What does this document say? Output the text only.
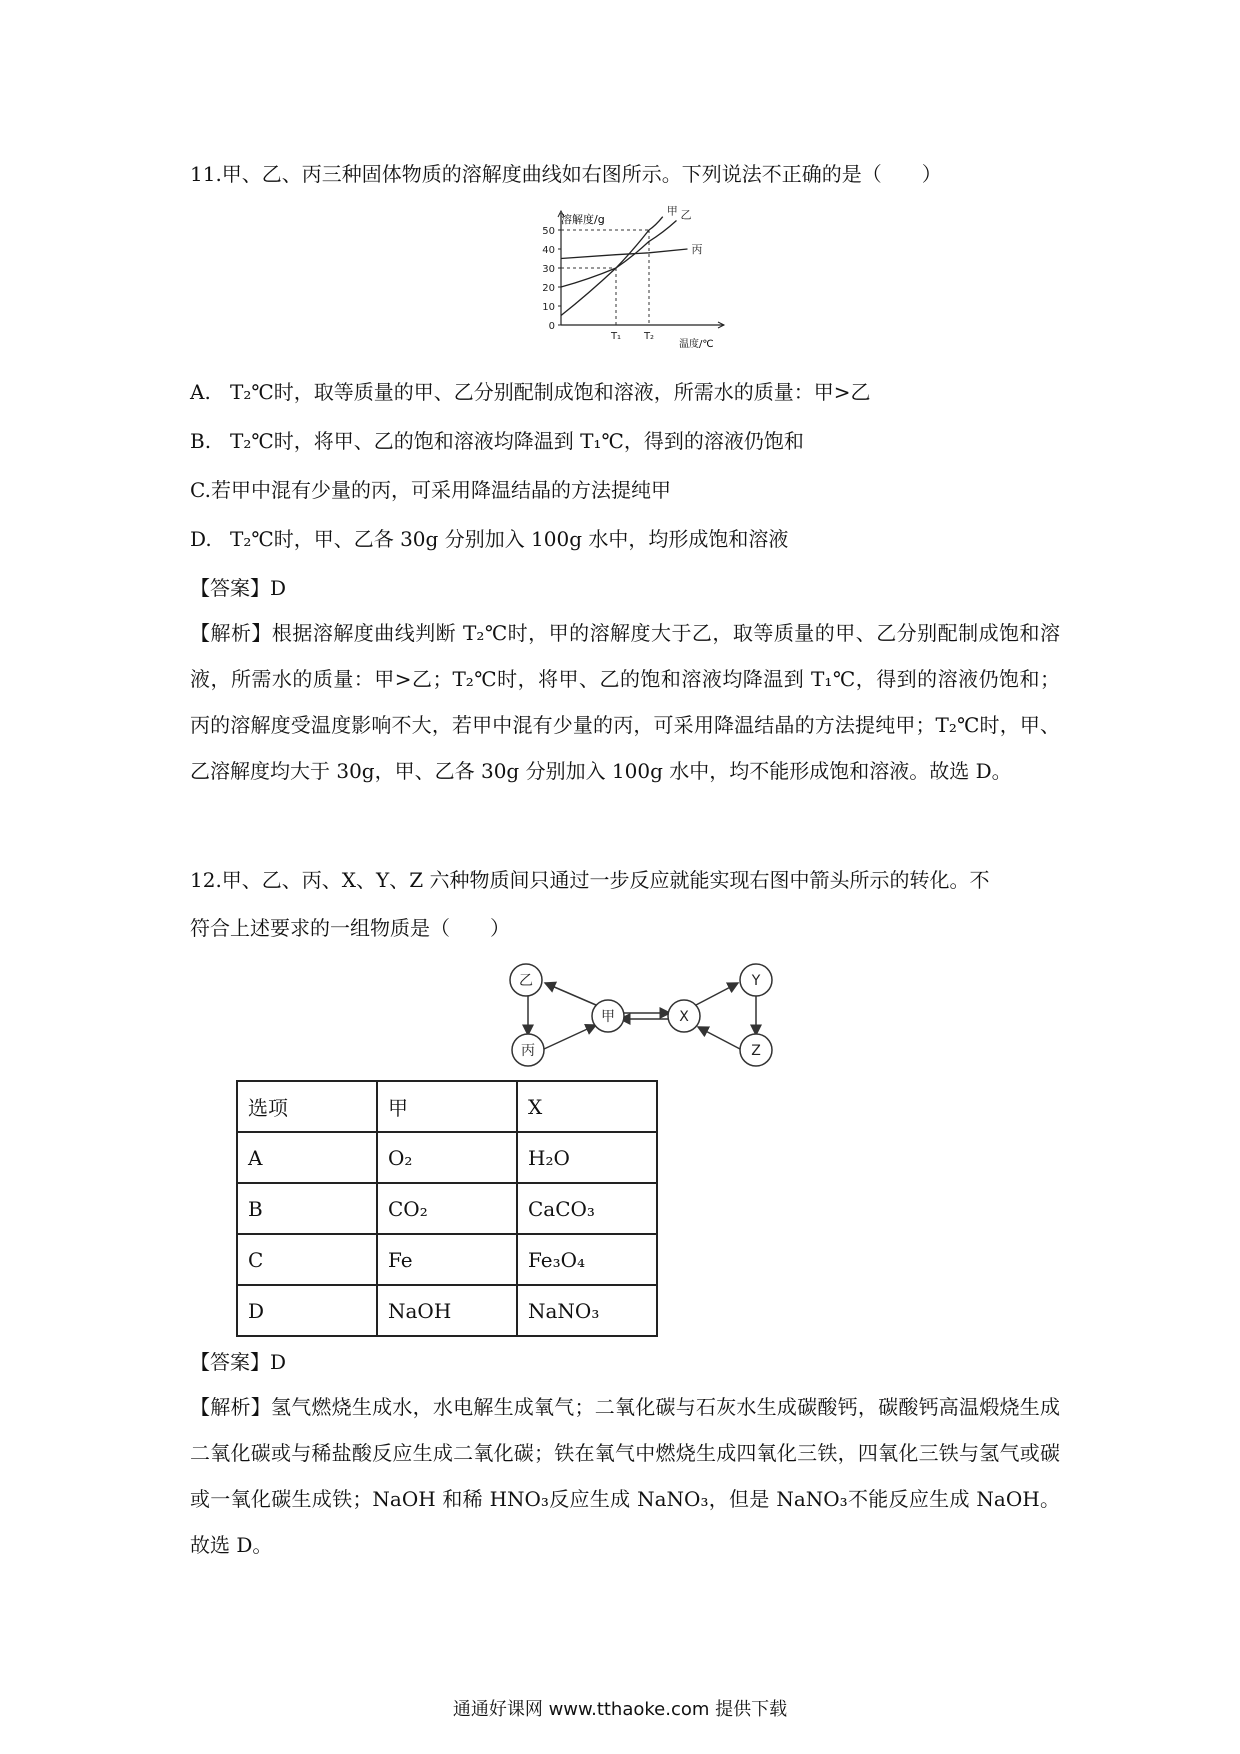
11.甲、乙、丙三种固体物质的溶解度曲线如右图所示。下列说法不正确的是（　　）
0
10
20
30
40
50
T₁ T₂
甲 乙
丙
溶解度/g
温度/℃
A. T₂℃时，取等质量的甲、乙分别配制成饱和溶液，所需水的质量：甲>乙
B. T₂℃时，将甲、乙的饱和溶液均降温到 T₁℃，得到的溶液仍饱和
C.若甲中混有少量的丙，可采用降温结晶的方法提纯甲
D. T₂℃时，甲、乙各 30g 分别加入 100g 水中，均形成饱和溶液
【答案】D
【解析】根据溶解度曲线判断 T₂℃时，甲的溶解度大于乙，取等质量的甲、乙分别配制成饱和溶液，所需水的质量：甲>乙；T₂℃时，将甲、乙的饱和溶液均降温到 T₁℃，得到的溶液仍饱和；丙的溶解度受温度影响不大，若甲中混有少量的丙，可采用降温结晶的方法提纯甲；T₂℃时，甲、乙溶解度均大于 30g，甲、乙各 30g 分别加入 100g 水中，均不能形成饱和溶液。故选 D。
12.甲、乙、丙、X、Y、Z 六种物质间只通过一步反应就能实现右图中箭头所示的转化。不
符合上述要求的一组物质是（　　）
乙
丙
甲	X
Y
Z
选项	甲	X
A	O₂	H₂O
B	CO₂	CaCO₃
C	Fe	Fe₃O₄
D	NaOH	NaNO₃
【答案】D
【解析】氢气燃烧生成水，水电解生成氧气；二氧化碳与石灰水生成碳酸钙，碳酸钙高温煅烧生成二氧化碳或与稀盐酸反应生成二氧化碳；铁在氧气中燃烧生成四氧化三铁，四氧化三铁与氢气或碳或一氧化碳生成铁；NaOH 和稀 HNO₃反应生成 NaNO₃，但是 NaNO₃不能反应生成 NaOH。故选 D。
通通好课网 www.tthaoke.com 提供下载
